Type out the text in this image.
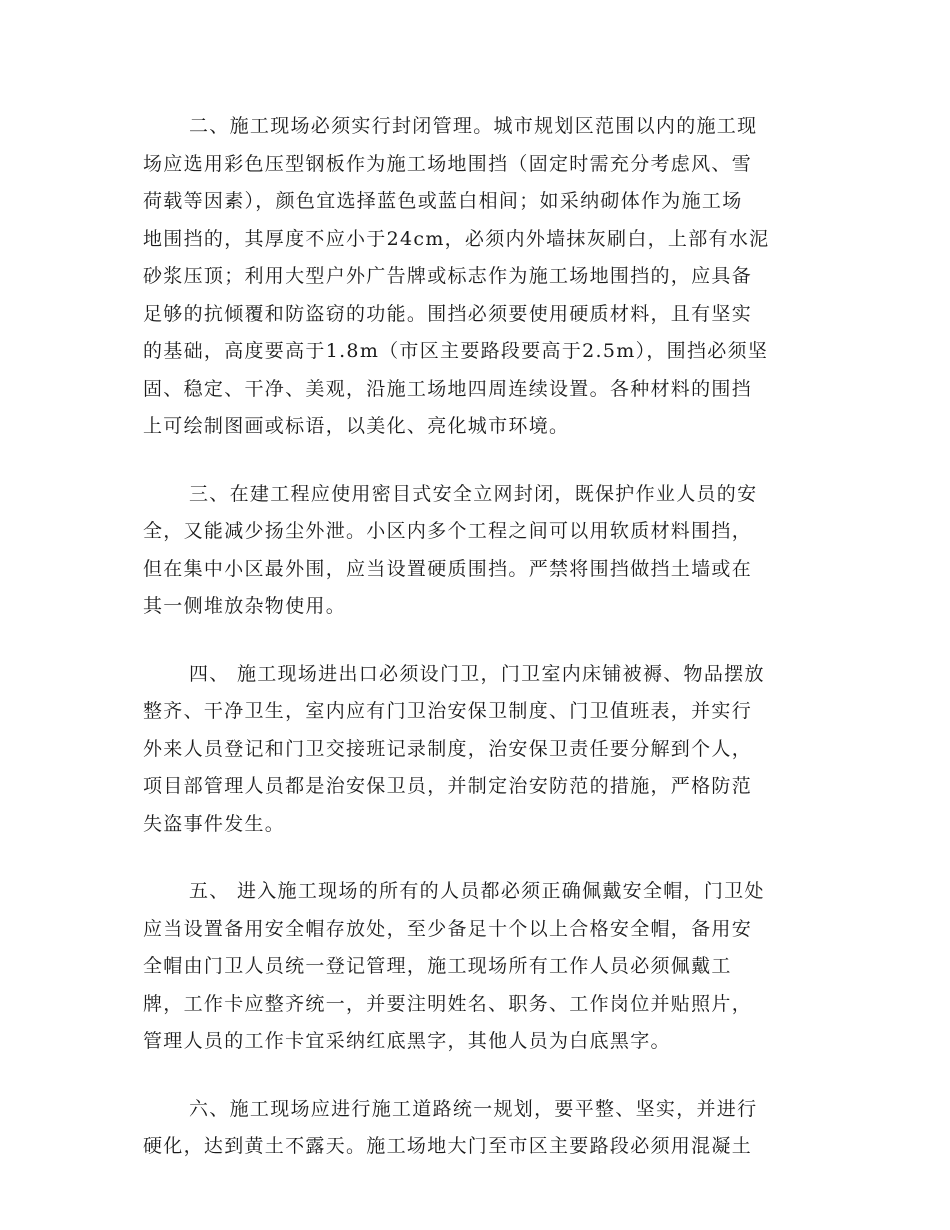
二、施工现场必须实行封闭管理。城市规划区范围以内的施工现
场应选用彩色压型钢板作为施工场地围挡（固定时需充分考虑风、雪
荷载等因素），颜色宜选择蓝色或蓝白相间；如采纳砌体作为施工场
地围挡的，其厚度不应小于24cm，必须内外墙抹灰刷白，上部有水泥
砂浆压顶；利用大型户外广告牌或标志作为施工场地围挡的，应具备
足够的抗倾覆和防盗窃的功能。围挡必须要使用硬质材料，且有坚实
的基础，高度要高于1.8m（市区主要路段要高于2.5m），围挡必须坚
固、稳定、干净、美观，沿施工场地四周连续设置。各种材料的围挡
上可绘制图画或标语，以美化、亮化城市环境。

三、在建工程应使用密目式安全立网封闭，既保护作业人员的安
全，又能减少扬尘外泄。小区内多个工程之间可以用软质材料围挡，
但在集中小区最外围，应当设置硬质围挡。严禁将围挡做挡土墙或在
其一侧堆放杂物使用。

四、 施工现场进出口必须设门卫，门卫室内床铺被褥、物品摆放
整齐、干净卫生，室内应有门卫治安保卫制度、门卫值班表，并实行
外来人员登记和门卫交接班记录制度，治安保卫责任要分解到个人，
项目部管理人员都是治安保卫员，并制定治安防范的措施，严格防范
失盗事件发生。

五、 进入施工现场的所有的人员都必须正确佩戴安全帽，门卫处
应当设置备用安全帽存放处，至少备足十个以上合格安全帽，备用安
全帽由门卫人员统一登记管理，施工现场所有工作人员必须佩戴工
牌，工作卡应整齐统一，并要注明姓名、职务、工作岗位并贴照片，
管理人员的工作卡宜采纳红底黑字，其他人员为白底黑字。

六、施工现场应进行施工道路统一规划，要平整、坚实，并进行
硬化，达到黄土不露天。施工场地大门至市区主要路段必须用混凝土
